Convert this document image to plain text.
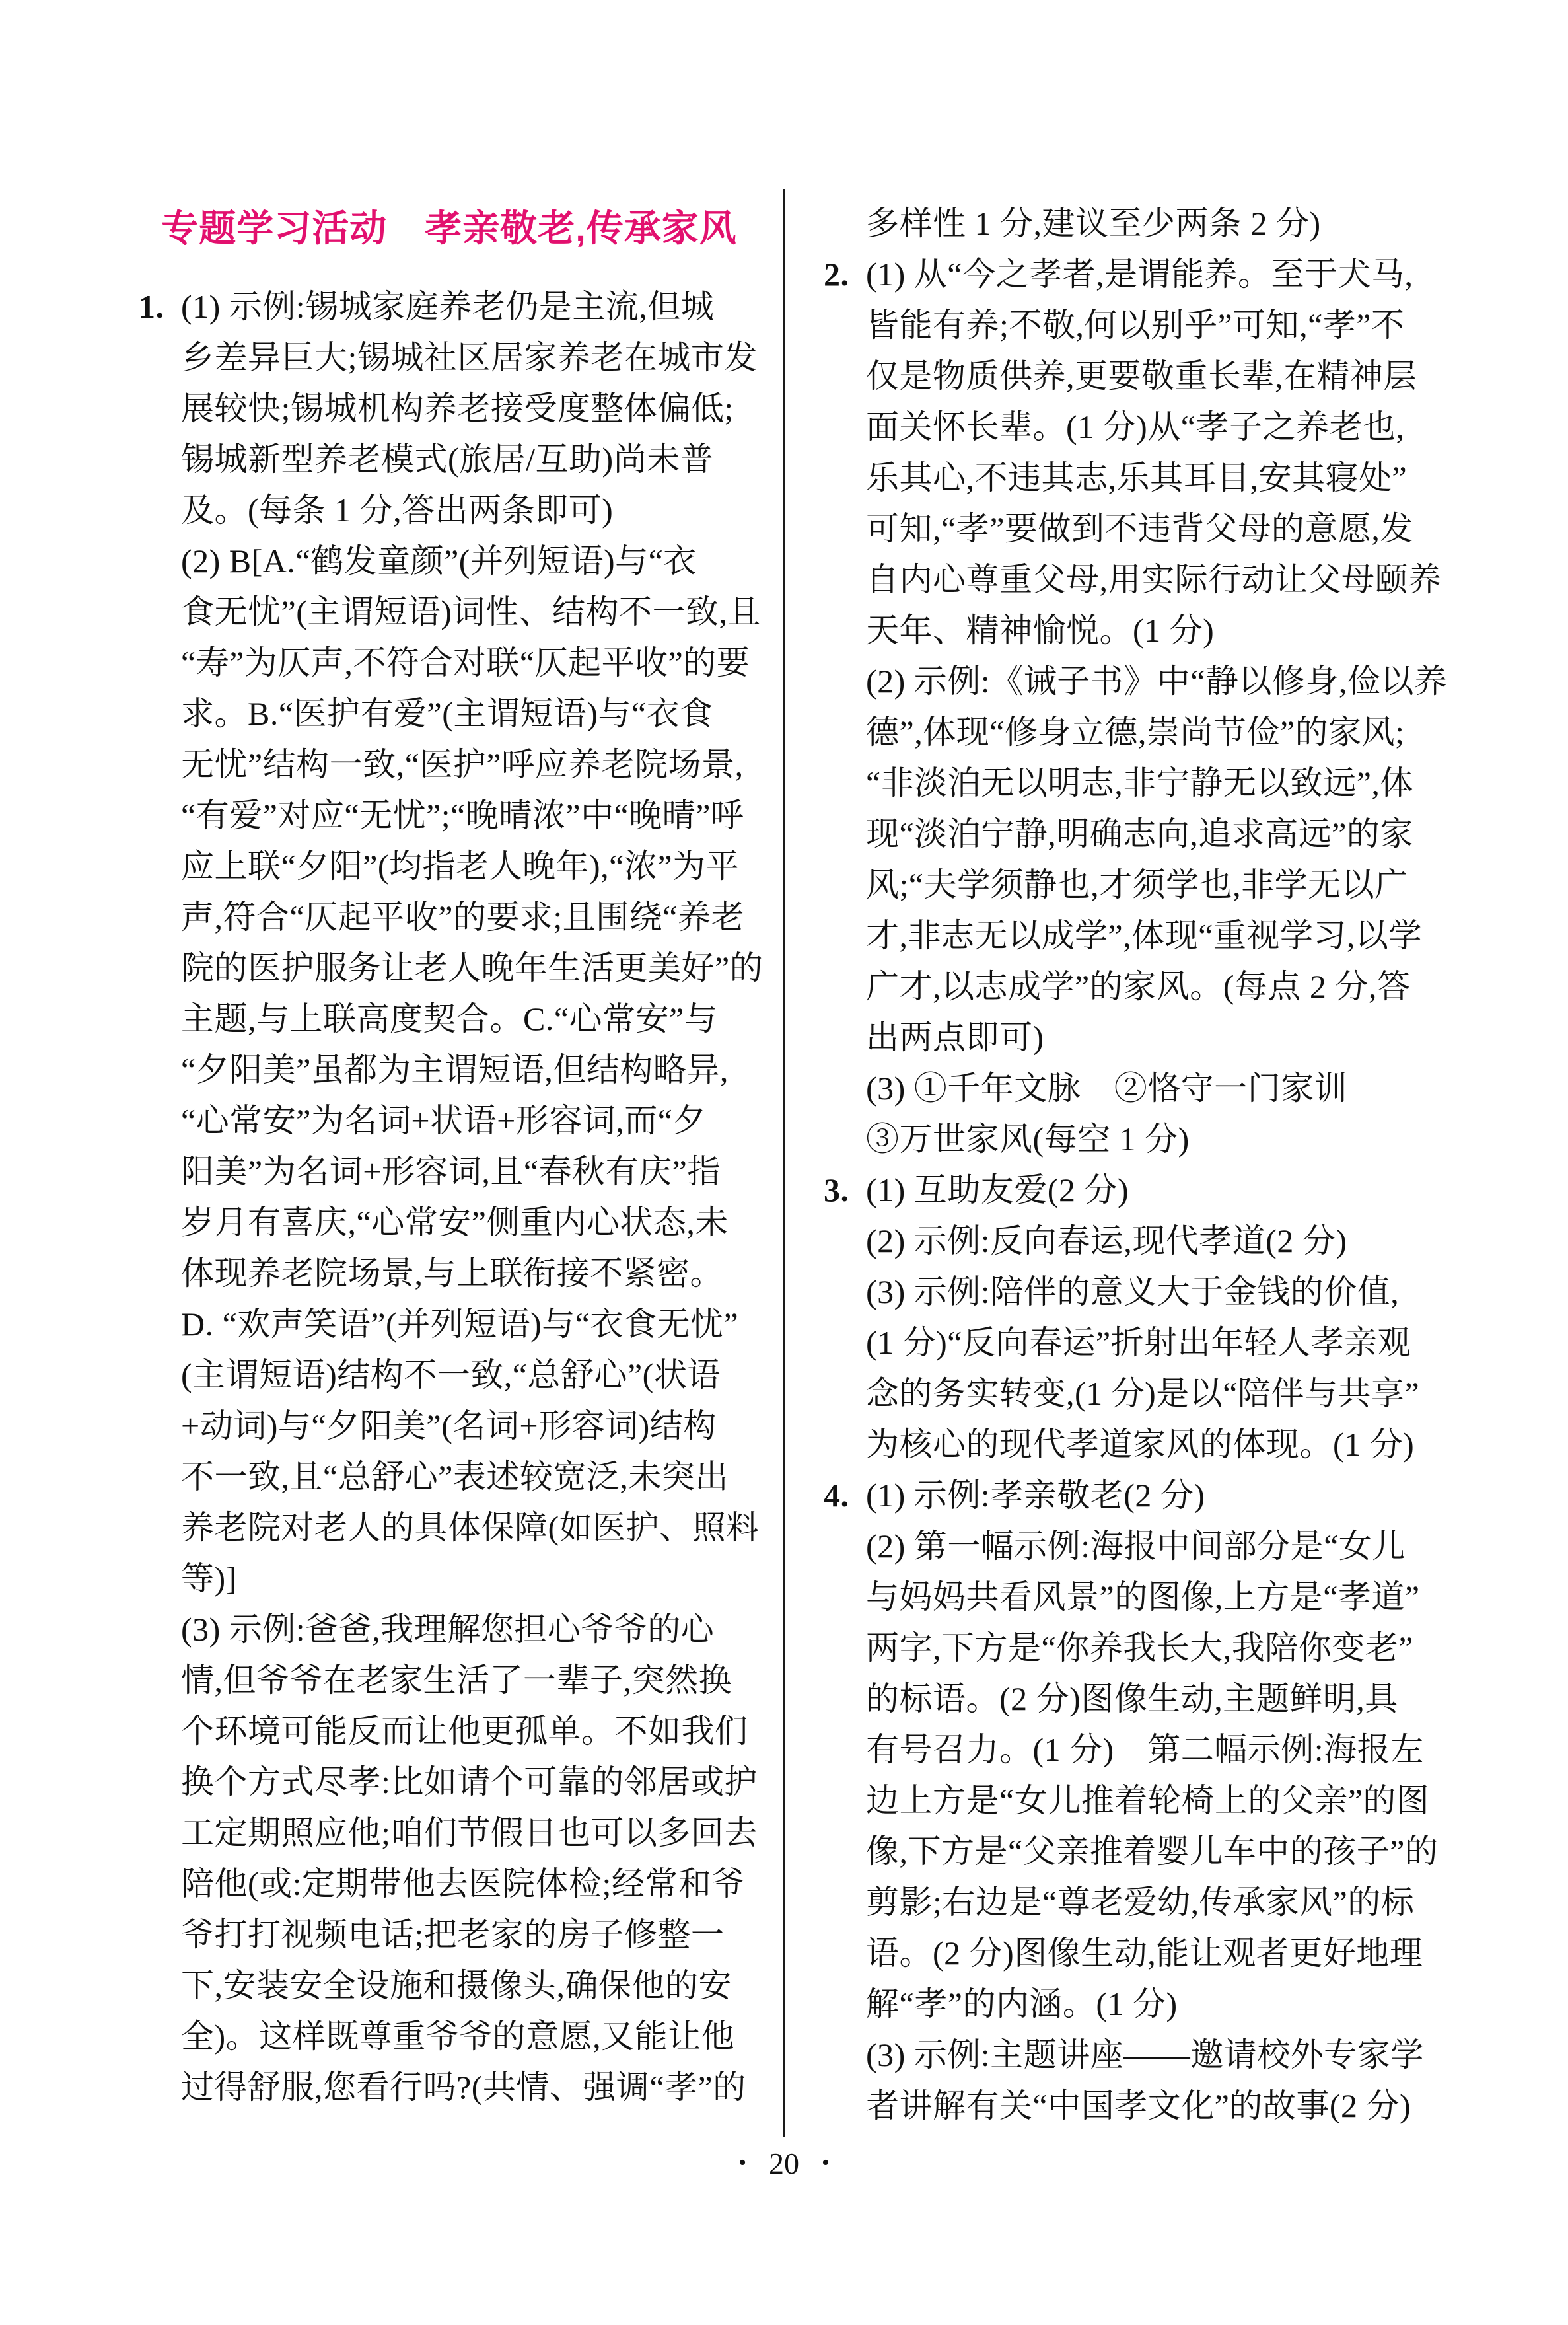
专题学习活动　孝亲敬老,传承家风
1. (1) 示例:锡城家庭养老仍是主流,但城
乡差异巨大;锡城社区居家养老在城市发
展较快;锡城机构养老接受度整体偏低;
锡城新型养老模式(旅居/互助)尚未普
及。(每条 1 分,答出两条即可)
(2) B[A.“鹤发童颜”(并列短语)与“衣
食无忧”(主谓短语)词性、结构不一致,且
“寿”为仄声,不符合对联“仄起平收”的要
求。B.“医护有爱”(主谓短语)与“衣食
无忧”结构一致,“医护”呼应养老院场景,
“有爱”对应“无忧”;“晚晴浓”中“晚晴”呼
应上联“夕阳”(均指老人晚年),“浓”为平
声,符合“仄起平收”的要求;且围绕“养老
院的医护服务让老人晚年生活更美好”的
主题,与上联高度契合。C.“心常安”与
“夕阳美”虽都为主谓短语,但结构略异,
“心常安”为名词+状语+形容词,而“夕
阳美”为名词+形容词,且“春秋有庆”指
岁月有喜庆,“心常安”侧重内心状态,未
体现养老院场景,与上联衔接不紧密。
D. “欢声笑语”(并列短语)与“衣食无忧”
(主谓短语)结构不一致,“总舒心”(状语
+动词)与“夕阳美”(名词+形容词)结构
不一致,且“总舒心”表述较宽泛,未突出
养老院对老人的具体保障(如医护、照料
等)]
(3) 示例:爸爸,我理解您担心爷爷的心
情,但爷爷在老家生活了一辈子,突然换
个环境可能反而让他更孤单。不如我们
换个方式尽孝:比如请个可靠的邻居或护
工定期照应他;咱们节假日也可以多回去
陪他(或:定期带他去医院体检;经常和爷
爷打打视频电话;把老家的房子修整一
下,安装安全设施和摄像头,确保他的安
全)。这样既尊重爷爷的意愿,又能让他
过得舒服,您看行吗?(共情、强调“孝”的
多样性 1 分,建议至少两条 2 分)
2. (1) 从“今之孝者,是谓能养。至于犬马,
皆能有养;不敬,何以别乎”可知,“孝”不
仅是物质供养,更要敬重长辈,在精神层
面关怀长辈。(1 分)从“孝子之养老也,
乐其心,不违其志,乐其耳目,安其寝处”
可知,“孝”要做到不违背父母的意愿,发
自内心尊重父母,用实际行动让父母颐养
天年、精神愉悦。(1 分)
(2) 示例:《诫子书》中“静以修身,俭以养
德”,体现“修身立德,崇尚节俭”的家风;
“非淡泊无以明志,非宁静无以致远”,体
现“淡泊宁静,明确志向,追求高远”的家
风;“夫学须静也,才须学也,非学无以广
才,非志无以成学”,体现“重视学习,以学
广才,以志成学”的家风。(每点 2 分,答
出两点即可)
(3) ①千年文脉　②恪守一门家训
③万世家风(每空 1 分)
3. (1) 互助友爱(2 分)
(2) 示例:反向春运,现代孝道(2 分)
(3) 示例:陪伴的意义大于金钱的价值,
(1 分)“反向春运”折射出年轻人孝亲观
念的务实转变,(1 分)是以“陪伴与共享”
为核心的现代孝道家风的体现。(1 分)
4. (1) 示例:孝亲敬老(2 分)
(2) 第一幅示例:海报中间部分是“女儿
与妈妈共看风景”的图像,上方是“孝道”
两字,下方是“你养我长大,我陪你变老”
的标语。(2 分)图像生动,主题鲜明,具
有号召力。(1 分)　第二幅示例:海报左
边上方是“女儿推着轮椅上的父亲”的图
像,下方是“父亲推着婴儿车中的孩子”的
剪影;右边是“尊老爱幼,传承家风”的标
语。(2 分)图像生动,能让观者更好地理
解“孝”的内涵。(1 分)
(3) 示例:主题讲座——邀请校外专家学
者讲解有关“中国孝文化”的故事(2 分)
• 20 •
